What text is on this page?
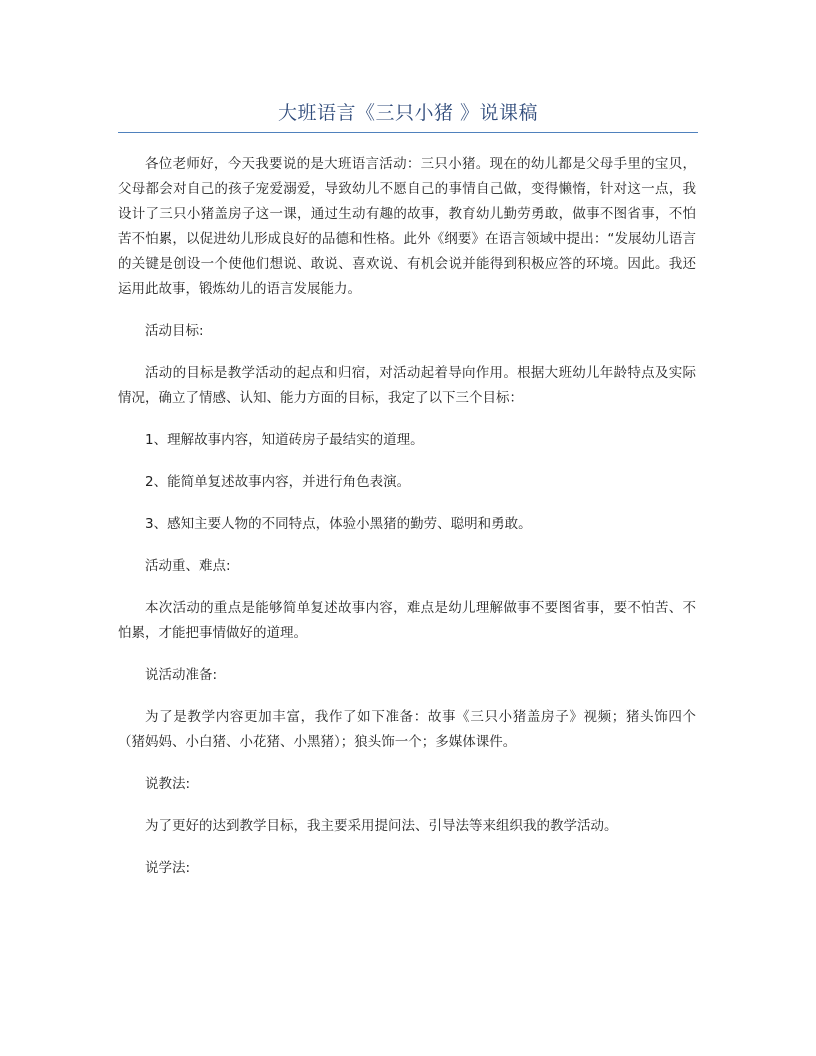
大班语言《三只小猪 》说课稿

各位老师好，今天我要说的是大班语言活动：三只小猪。现在的幼儿都是父母手里的宝贝，父母都会对自己的孩子宠爱溺爱，导致幼儿不愿自己的事情自己做，变得懒惰，针对这一点，我设计了三只小猪盖房子这一课，通过生动有趣的故事，教育幼儿勤劳勇敢，做事不图省事，不怕苦不怕累，以促进幼儿形成良好的品德和性格。此外《纲要》在语言领域中提出：“发展幼儿语言的关键是创设一个使他们想说、敢说、喜欢说、有机会说并能得到积极应答的环境。因此。我还运用此故事，锻炼幼儿的语言发展能力。

活动目标:

活动的目标是教学活动的起点和归宿，对活动起着导向作用。根据大班幼儿年龄特点及实际情况，确立了情感、认知、能力方面的目标，我定了以下三个目标：

1、理解故事内容，知道砖房子最结实的道理。

2、能简单复述故事内容，并进行角色表演。

3、感知主要人物的不同特点，体验小黑猪的勤劳、聪明和勇敢。

活动重、难点:

本次活动的重点是能够简单复述故事内容，难点是幼儿理解做事不要图省事，要不怕苦、不怕累，才能把事情做好的道理。

说活动准备:

为了是教学内容更加丰富，我作了如下准备：故事《三只小猪盖房子》视频；猪头饰四个（猪妈妈、小白猪、小花猪、小黑猪）；狼头饰一个；多媒体课件。

说教法:

为了更好的达到教学目标，我主要采用提问法、引导法等来组织我的教学活动。

说学法:
